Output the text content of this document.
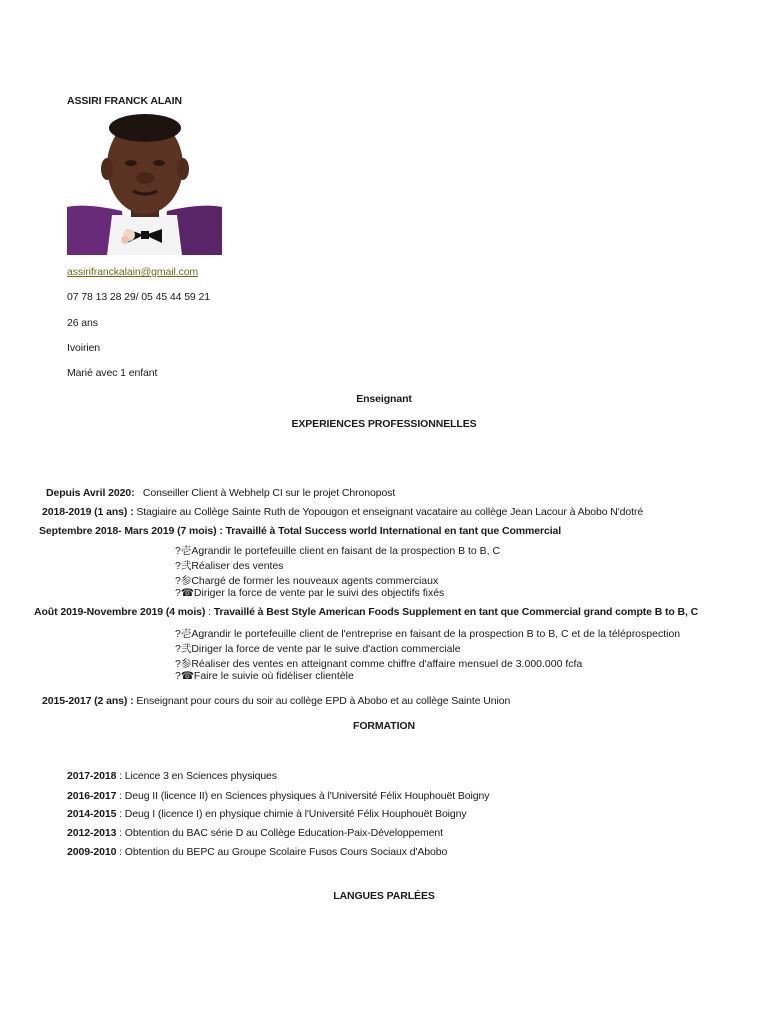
ASSIRI FRANCK ALAIN
assirifranckalain@gmail.com
07 78 13 28 29/ 05 45 44 59 21
26 ans
Ivoirien
Marié avec 1 enfant
Enseignant
EXPERIENCES PROFESSIONNELLES
Depuis Avril 2020: Conseiller Client à Webhelp CI sur le projet Chronopost
2018-2019 (1 ans) : Stagiaire au Collège Sainte Ruth de Yopougon et enseignant vacataire au collège Jean Lacour à Abobo N'dotré
Septembre 2018- Mars 2019 (7 mois) : Travaillé à Total Success world International en tant que Commercial
?壱Agrandir le portefeuille client en faisant de la prospection B to B, C
?弐Réaliser des ventes
?参Chargé de former les nouveaux agents commerciaux
?☎Diriger la force de vente par le suivi des objectifs fixés
Août 2019-Novembre 2019 (4 mois) : Travaillé à Best Style American Foods Supplement en tant que Commercial grand compte B to B, C
?壱Agrandir le portefeuille client de l'entreprise en faisant de la prospection B to B, C et de la téléprospection
?弐Diriger la force de vente par le suive d'action commerciale
?参Réaliser des ventes en atteignant comme chiffre d'affaire mensuel de 3.000.000 fcfa
?☎Faire le suivie où fidéliser clientèle
2015-2017 (2 ans) : Enseignant pour cours du soir au collège EPD à Abobo et au collège Sainte Union
FORMATION
2017-2018 : Licence 3 en Sciences physiques
2016-2017 : Deug II (licence II) en Sciences physiques à l'Université Félix Houphouët Boigny
2014-2015 : Deug I (licence I) en physique chimie à l'Université Félix Houphouët Boigny
2012-2013 : Obtention du BAC série D au Collège Education-Paix-Développement
2009-2010 : Obtention du BEPC au Groupe Scolaire Fusos Cours Sociaux d'Abobo
LANGUES PARLÉES
